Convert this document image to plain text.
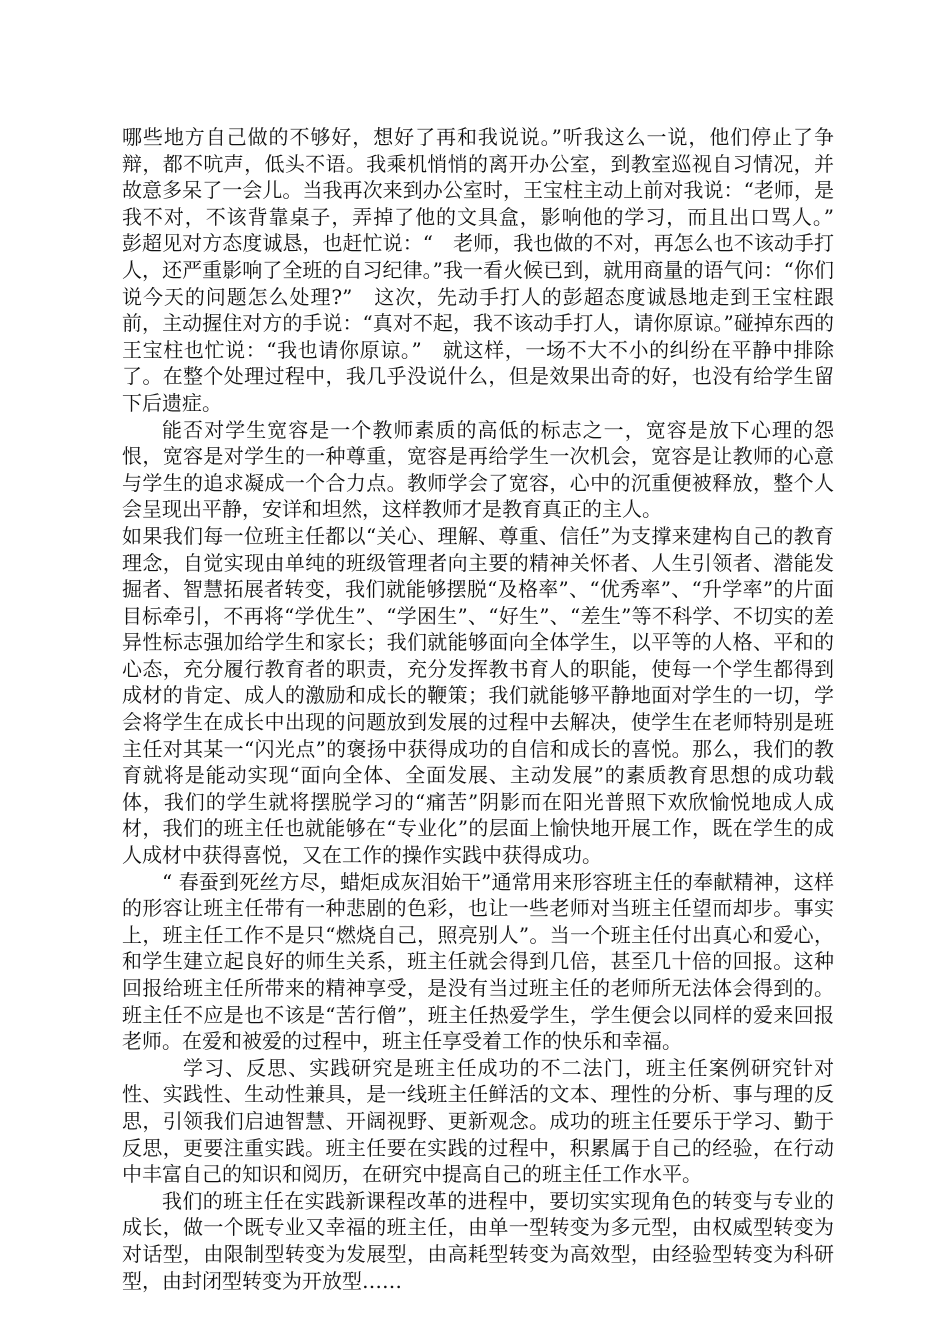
哪些地方自己做的不够好，想好了再和我说说。”听我这么一说，他们停止了争辩，都不吭声，低头不语。我乘机悄悄的离开办公室，到教室巡视自习情况，并故意多呆了一会儿。当我再次来到办公室时，王宝柱主动上前对我说：“老师，是我不对，不该背靠桌子，弄掉了他的文具盒，影响他的学习，而且出口骂人。”　彭超见对方态度诚恳，也赶忙说：“　老师，我也做的不对，再怎么也不该动手打人，还严重影响了全班的自习纪律。”我一看火候已到，就用商量的语气问：“你们说今天的问题怎么处理?”　这次，先动手打人的彭超态度诚恳地走到王宝柱跟前，主动握住对方的手说：“真对不起，我不该动手打人，请你原谅。”碰掉东西的王宝柱也忙说：“我也请你原谅。”　就这样，一场不大不小的纠纷在平静中排除了。在整个处理过程中，我几乎没说什么，但是效果出奇的好，也没有给学生留下后遗症。

能否对学生宽容是一个教师素质的高低的标志之一，宽容是放下心理的怨恨，宽容是对学生的一种尊重，宽容是再给学生一次机会，宽容是让教师的心意与学生的追求凝成一个合力点。教师学会了宽容，心中的沉重便被释放，整个人会呈现出平静，安详和坦然，这样教师才是教育真正的主人。

如果我们每一位班主任都以“关心、理解、尊重、信任”为支撑来建构自己的教育理念，自觉实现由单纯的班级管理者向主要的精神关怀者、人生引领者、潜能发掘者、智慧拓展者转变，我们就能够摆脱“及格率”、“优秀率”、“升学率”的片面目标牵引，不再将“学优生”、“学困生”、“好生”、“差生”等不科学、不切实的差异性标志强加给学生和家长；我们就能够面向全体学生，以平等的人格、平和的心态，充分履行教育者的职责，充分发挥教书育人的职能，使每一个学生都得到成材的肯定、成人的激励和成长的鞭策；我们就能够平静地面对学生的一切，学会将学生在成长中出现的问题放到发展的过程中去解决，使学生在老师特别是班主任对其某一“闪光点”的褒扬中获得成功的自信和成长的喜悦。那么，我们的教育就将是能动实现“面向全体、全面发展、主动发展”的素质教育思想的成功载体，我们的学生就将摆脱学习的“痛苦”阴影而在阳光普照下欢欣愉悦地成人成材，我们的班主任也就能够在“专业化”的层面上愉快地开展工作，既在学生的成人成材中获得喜悦，又在工作的操作实践中获得成功。

“ 春蚕到死丝方尽，蜡炬成灰泪始干”通常用来形容班主任的奉献精神，这样的形容让班主任带有一种悲剧的色彩，也让一些老师对当班主任望而却步。事实上，班主任工作不是只“燃烧自己，照亮别人”。当一个班主任付出真心和爱心，和学生建立起良好的师生关系，班主任就会得到几倍，甚至几十倍的回报。这种回报给班主任所带来的精神享受，是没有当过班主任的老师所无法体会得到的。班主任不应是也不该是“苦行僧”，班主任热爱学生，学生便会以同样的爱来回报老师。在爱和被爱的过程中，班主任享受着工作的快乐和幸福。

　学习、反思、实践研究是班主任成功的不二法门，班主任案例研究针对性、实践性、生动性兼具，是一线班主任鲜活的文本、理性的分析、事与理的反思，引领我们启迪智慧、开阔视野、更新观念。成功的班主任要乐于学习、勤于反思，更要注重实践。班主任要在实践的过程中，积累属于自己的经验，在行动中丰富自己的知识和阅历，在研究中提高自己的班主任工作水平。

我们的班主任在实践新课程改革的进程中，要切实实现角色的转变与专业的成长，做一个既专业又幸福的班主任，由单一型转变为多元型，由权威型转变为对话型，由限制型转变为发展型，由高耗型转变为高效型，由经验型转变为科研型，由封闭型转变为开放型……
